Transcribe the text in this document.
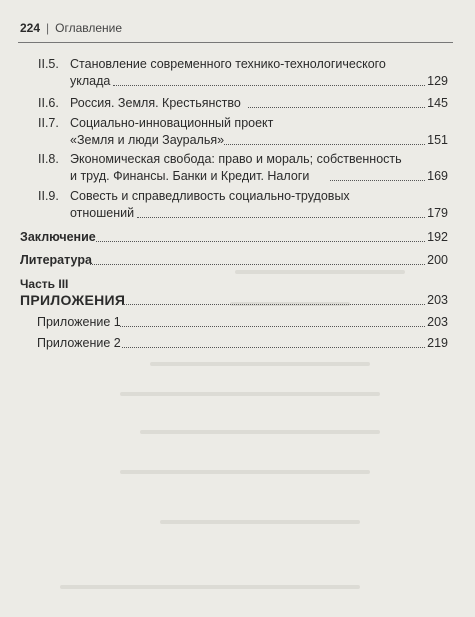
224 | Оглавление
II.5. Становление современного технико-технологического
уклада	129
II.6. Россия. Земля. Крестьянство	145
II.7. Социально-инновационный проект
«Земля и люди Зауралья»	151
II.8. Экономическая свобода: право и мораль; собственность
и труд. Финансы. Банки и Кредит. Налоги	169
II.9. Совесть и справедливость социально-трудовых
отношений	179
Заключение	192
Литература	200
Часть III
ПРИЛОЖЕНИЯ	203
Приложение 1	203
Приложение 2	219
